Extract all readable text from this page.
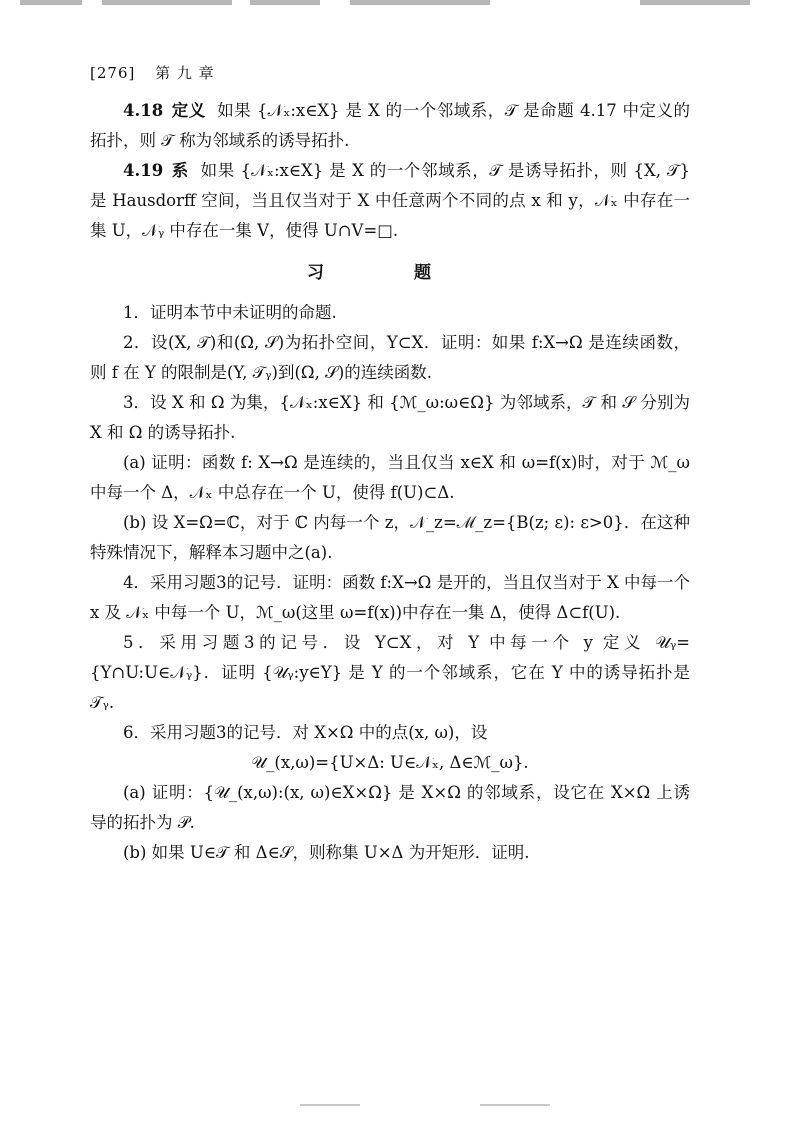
[276] 第 九 章

4.18 定义 如果 {𝒩ₓ:x∈X} 是 X 的一个邻域系，𝒯 是命题 4.17 中定义的拓扑，则 𝒯 称为邻域系的诱导拓扑.

4.19 系 如果 {𝒩ₓ:x∈X} 是 X 的一个邻域系，𝒯 是诱导拓扑，则 {X, 𝒯} 是 Hausdorff 空间，当且仅当对于 X 中任意两个不同的点 x 和 y，𝒩ₓ 中存在一集 U，𝒩ᵧ 中存在一集 V，使得 U∩V=□.

习 题

1．证明本节中未证明的命题.

2．设(X, 𝒯)和(Ω, 𝒮)为拓扑空间，Y⊂X．证明：如果 f:X→Ω 是连续函数，则 f 在 Y 的限制是(Y, 𝒯ᵧ)到(Ω, 𝒮)的连续函数.

3．设 X 和 Ω 为集，{𝒩ₓ:x∈X} 和 {ℳ_ω:ω∈Ω} 为邻域系，𝒯 和 𝒮 分别为 X 和 Ω 的诱导拓扑.

(a) 证明：函数 f: X→Ω 是连续的，当且仅当 x∈X 和 ω=f(x)时，对于 ℳ_ω 中每一个 Δ，𝒩ₓ 中总存在一个 U，使得 f(U)⊂Δ.

(b) 设 X=Ω=ℂ，对于 ℂ 内每一个 z，𝒩_z=ℳ_z={B(z; ε): ε>0}．在这种特殊情况下，解释本习题中之(a).

4．采用习题3的记号．证明：函数 f:X→Ω 是开的，当且仅当对于 X 中每一个 x 及 𝒩ₓ 中每一个 U，ℳ_ω(这里 ω=f(x))中存在一集 Δ，使得 Δ⊂f(U).

5．采用习题3的记号．设 Y⊂X，对 Y 中每一个 y 定义 𝒰ᵧ={Y∩U:U∈𝒩ᵧ}．证明 {𝒰ᵧ:y∈Y} 是 Y 的一个邻域系，它在 Y 中的诱导拓扑是 𝒯ᵧ.

6．采用习题3的记号．对 X×Ω 中的点(x, ω)，设

𝒰_(x,ω)={U×Δ: U∈𝒩ₓ, Δ∈ℳ_ω}.

(a) 证明：{𝒰_(x,ω):(x, ω)∈X×Ω} 是 X×Ω 的邻域系，设它在 X×Ω 上诱导的拓扑为 𝒫.

(b) 如果 U∈𝒯 和 Δ∈𝒮，则称集 U×Δ 为开矩形．证明.
